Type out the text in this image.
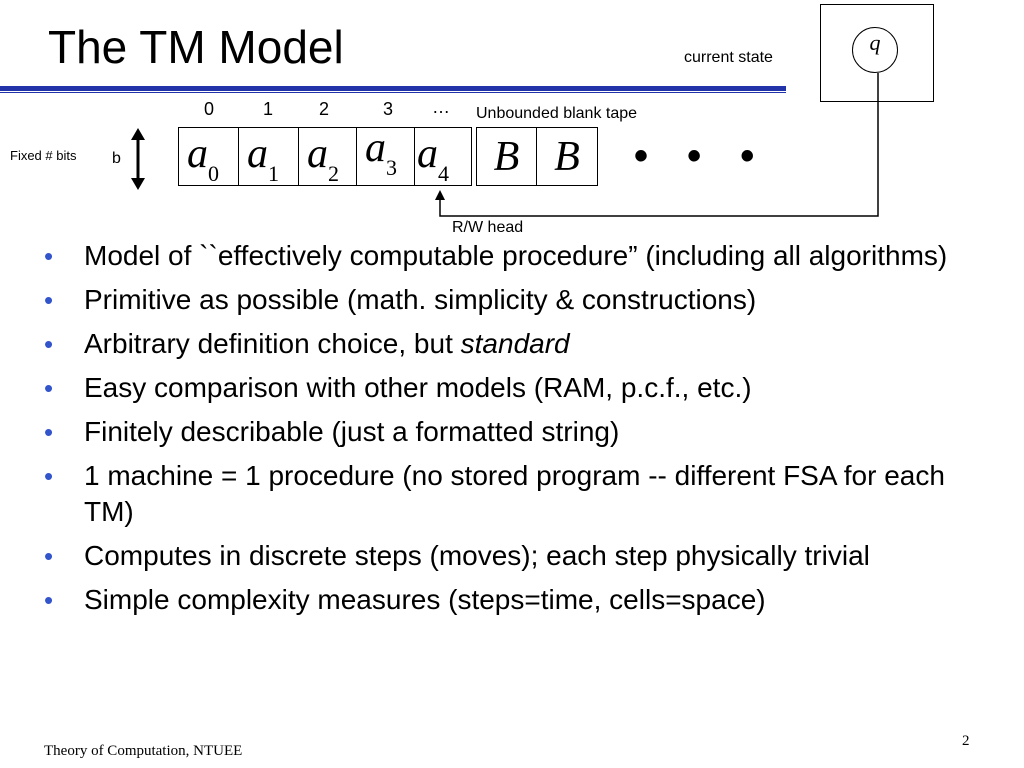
The TM Model	current state
q
0	1	2	3 … Unbounded blank tape
Fixed # bits b $a_0$ $a_1$ $a_2$
$a_3$ $a_4$	B B	• • •
R/W head
• Model of ``effectively computable procedure” (including all algorithms)
• Primitive as possible (math. simplicity & constructions)
• Arbitrary definition choice, but standard
• Easy comparison with other models (RAM, p.c.f., etc.)
• Finitely describable (just a formatted string)
• 1 machine = 1 procedure (no stored program -- different FSA for each TM)
• Computes in discrete steps (moves); each step physically trivial
• Simple complexity measures (steps=time, cells=space)
Theory of Computation, NTUEE
2
